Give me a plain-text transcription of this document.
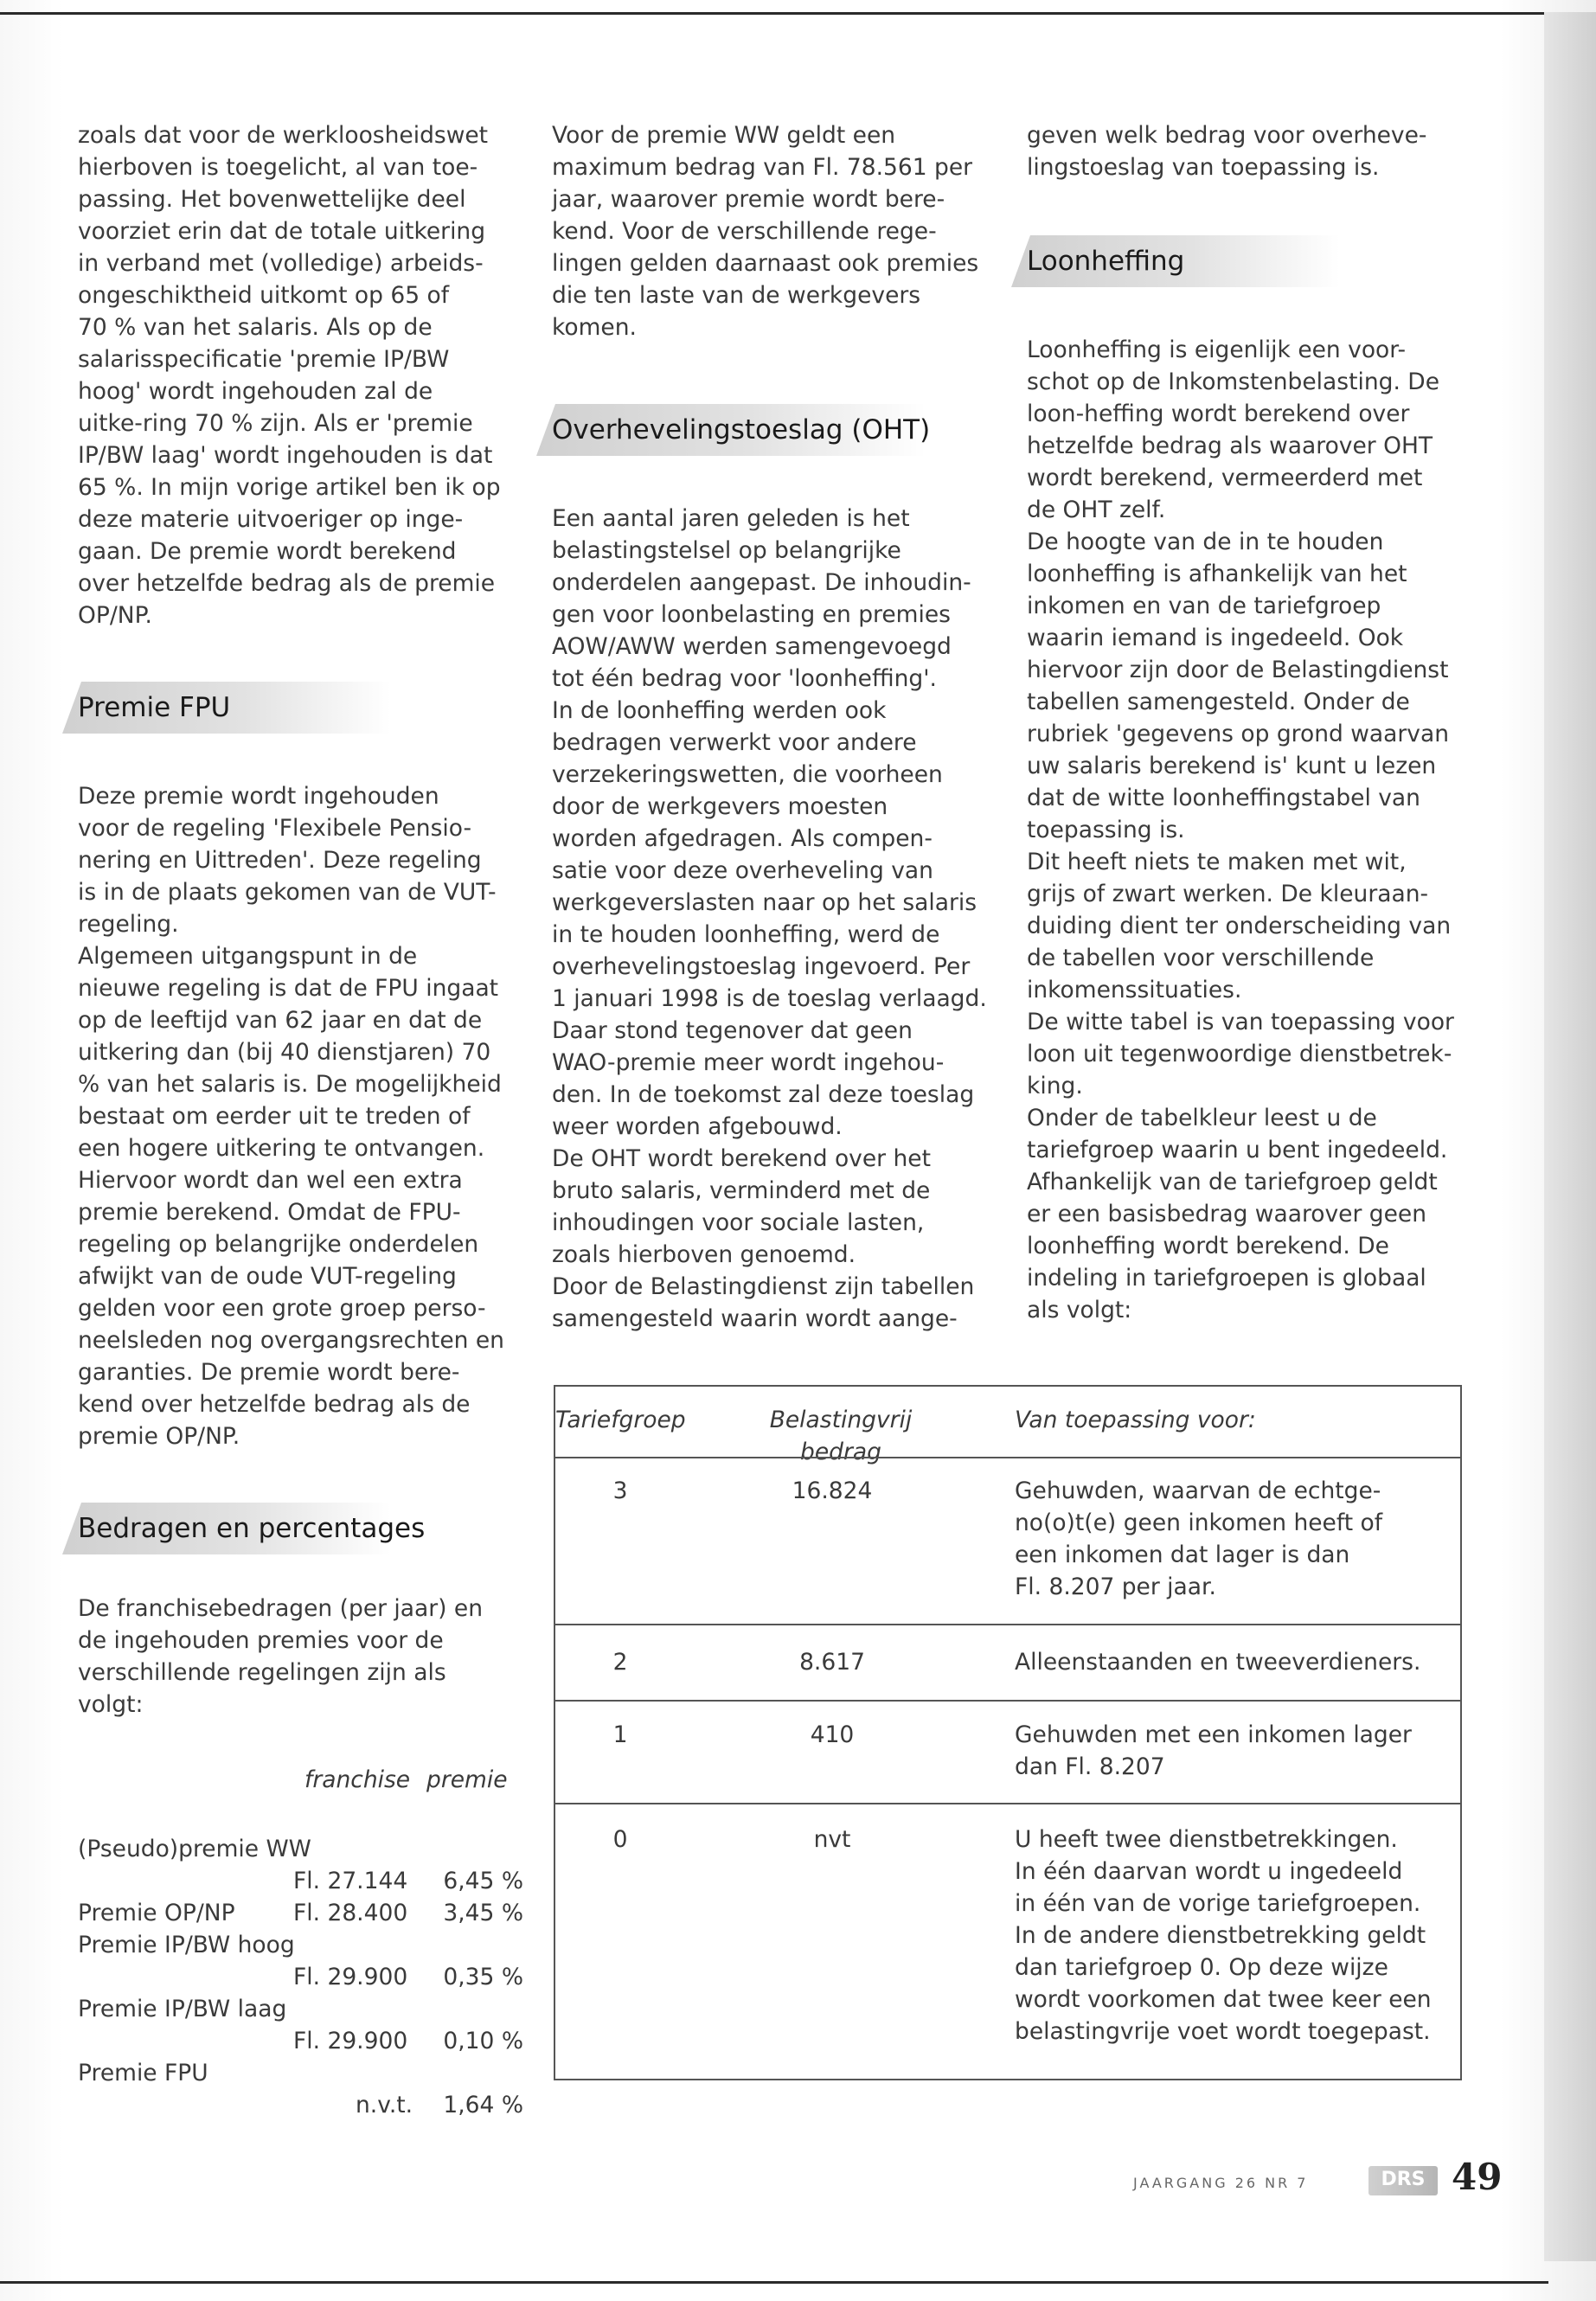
zoals dat voor de werkloosheidswet

hierboven is toegelicht, al van toe-

passing. Het bovenwettelijke deel

voorziet erin dat de totale uitkering

in verband met (volledige) arbeids-

ongeschiktheid uitkomt op 65 of

70 % van het salaris. Als op de

salarisspecificatie 'premie IP/BW

hoog' wordt ingehouden zal de

uitke-ring 70 % zijn. Als er 'premie

IP/BW laag' wordt ingehouden is dat

65 %. In mijn vorige artikel ben ik op

deze materie uitvoeriger op inge-

gaan. De premie wordt berekend

over hetzelfde bedrag als de premie

OP/NP.

Premie FPU

Deze premie wordt ingehouden

voor de regeling 'Flexibele Pensio-

nering en Uittreden'. Deze regeling

is in de plaats gekomen van de VUT-

regeling.

Algemeen uitgangspunt in de

nieuwe regeling is dat de FPU ingaat

op de leeftijd van 62 jaar en dat de

uitkering dan (bij 40 dienstjaren) 70

% van het salaris is. De mogelijkheid

bestaat om eerder uit te treden of

een hogere uitkering te ontvangen.

Hiervoor wordt dan wel een extra

premie berekend. Omdat de FPU-

regeling op belangrijke onderdelen

afwijkt van de oude VUT-regeling

gelden voor een grote groep perso-

neelsleden nog overgangsrechten en

garanties. De premie wordt bere-

kend over hetzelfde bedrag als de

premie OP/NP.

Bedragen en percentages

De franchisebedragen (per jaar) en

de ingehouden premies voor de

verschillende regelingen zijn als

volgt:

franchise premie
(Pseudo)premie WW
Fl. 27.144 6,45 %
Premie OP/NP	Fl. 28.400 3,45 %
Premie IP/BW hoog
Fl. 29.900 0,35 %
Premie IP/BW laag
Fl. 29.900 0,10 %
Premie FPU
n.v.t. 1,64 %

Voor de premie WW geldt een

maximum bedrag van Fl. 78.561 per

jaar, waarover premie wordt bere-

kend. Voor de verschillende rege-

lingen gelden daarnaast ook premies

die ten laste van de werkgevers

komen.

Overhevelingstoeslag (OHT)

Een aantal jaren geleden is het

belastingstelsel op belangrijke

onderdelen aangepast. De inhoudin-

gen voor loonbelasting en premies

AOW/AWW werden samengevoegd

tot één bedrag voor 'loonheffing'.

In de loonheffing werden ook

bedragen verwerkt voor andere

verzekeringswetten, die voorheen

door de werkgevers moesten

worden afgedragen. Als compen-

satie voor deze overheveling van

werkgeverslasten naar op het salaris

in te houden loonheffing, werd de

overhevelingstoeslag ingevoerd. Per

1 januari 1998 is de toeslag verlaagd.

Daar stond tegenover dat geen

WAO-premie meer wordt ingehou-

den. In de toekomst zal deze toeslag

weer worden afgebouwd.

De OHT wordt berekend over het

bruto salaris, verminderd met de

inhoudingen voor sociale lasten,

zoals hierboven genoemd.

Door de Belastingdienst zijn tabellen

samengesteld waarin wordt aange-

geven welk bedrag voor overheve-

lingstoeslag van toepassing is.

Loonheffing

Loonheffing is eigenlijk een voor-

schot op de Inkomstenbelasting. De

loon-heffing wordt berekend over

hetzelfde bedrag als waarover OHT

wordt berekend, vermeerderd met

de OHT zelf.

De hoogte van de in te houden

loonheffing is afhankelijk van het

inkomen en van de tariefgroep

waarin iemand is ingedeeld. Ook

hiervoor zijn door de Belastingdienst

tabellen samengesteld. Onder de

rubriek 'gegevens op grond waarvan

uw salaris berekend is' kunt u lezen

dat de witte loonheffingstabel van

toepassing is.

Dit heeft niets te maken met wit,

grijs of zwart werken. De kleuraan-

duiding dient ter onderscheiding van

de tabellen voor verschillende

inkomenssituaties.

De witte tabel is van toepassing voor

loon uit tegenwoordige dienstbetrek-

king.

Onder de tabelkleur leest u de

tariefgroep waarin u bent ingedeeld.

Afhankelijk van de tariefgroep geldt

er een basisbedrag waarover geen

loonheffing wordt berekend. De

indeling in tariefgroepen is globaal

als volgt:

Tariefgroep	Belastingvrij bedrag
Van toepassing voor:
3	16.824	Gehuwden, waarvan de echtge-
no(o)t(e) geen inkomen heeft of
een inkomen dat lager is dan
Fl. 8.207 per jaar.
2	8.617	Alleenstaanden en tweeverdieners.
1	410	Gehuwden met een inkomen lager
dan Fl. 8.207
0	nvt	U heeft twee dienstbetrekkingen.
In één daarvan wordt u ingedeeld
in één van de vorige tariefgroepen.
In de andere dienstbetrekking geldt
dan tariefgroep 0. Op deze wijze
wordt voorkomen dat twee keer een
belastingvrije voet wordt toegepast.
JAARGANG 26 NR 7	DRS 49
